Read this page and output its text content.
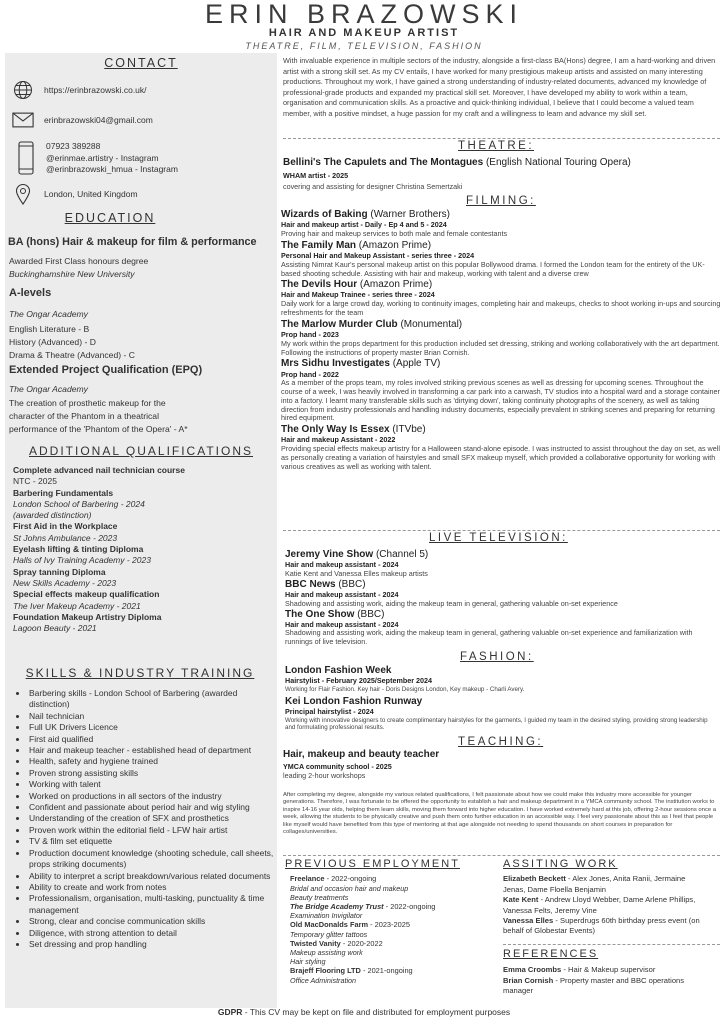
ERIN BRAZOWSKI
HAIR AND MAKEUP ARTIST
THEATRE, FILM, TELEVISION, FASHION
CONTACT
https://erinbrazowski.co.uk/
erinbrazowski04@gmail.com
07923 389288
@erinmae.artistry - Instagram
@erinbrazowski_hmua - Instagram
London, United Kingdom
EDUCATION
BA (hons) Hair & makeup for film & performance
Awarded First Class honours degree
Buckinghamshire New University
A-levels
The Ongar Academy
English Literature - B
History (Advanced) - D
Drama & Theatre (Advanced) - C
Extended Project Qualification (EPQ)
The Ongar Academy
The creation of prosthetic makeup for the
character of the Phantom in a theatrical
performance of the 'Phantom of the Opera' - A*
ADDITIONAL QUALIFICATIONS
Complete advanced nail technician course
NTC - 2025
Barbering Fundamentals
London School of Barbering - 2024
(awarded distinction)
First Aid in the Workplace
St Johns Ambulance - 2023
Eyelash lifting & tinting Diploma
Halls of Ivy Training Academy - 2023
Spray tanning Diploma
New Skills Academy - 2023
Special effects makeup qualification
The Iver Makeup Academy - 2021
Foundation Makeup Artistry Diploma
Lagoon Beauty - 2021
SKILLS & INDUSTRY TRAINING
• Barbering skills - London School of Barbering (awarded distinction)
• Nail technician
• Full UK Drivers Licence
• First aid qualified
• Hair and makeup teacher - established head of department
• Health, safety and hygiene trained
• Proven strong assisting skills
• Working with talent
• Worked on productions in all sectors of the industry
• Confident and passionate about period hair and wig styling
• Understanding of the creation of SFX and prosthetics
• Proven work within the editorial field - LFW hair artist
• TV & film set etiquette
• Production document knowledge (shooting schedule, call sheets, props striking documents)
• Ability to interpret a script breakdown/various related documents
• Ability to create and work from notes
• Professionalism, organisation, multi-tasking, punctuality & time management
• Strong, clear and concise communication skills
• Diligence, with strong attention to detail
• Set dressing and prop handling
With invaluable experience in multiple sectors of the industry, alongside a first-class BA(Hons) degree, I am a hard-working and driven artist with a strong skill set. As my CV entails, I have worked for many prestigious makeup artists and assisted on many interesting productions. Throughout my work, I have gained a strong understanding of industry-related documents, advanced my knowledge of professional-grade products and expanded my practical skill set. Moreover, I have developed my ability to work within a team, organisation and communication skills. As a proactive and quick-thinking individual, I believe that I could become a valued team member, with a positive mindset, a huge passion for my craft and a willingness to learn and advance my skill set.
THEATRE:
Bellini's The Capulets and The Montagues (English National Touring Opera)
WHAM artist - 2025
covering and assisting for designer Christina Semertzaki
FILMING:
Wizards of Baking (Warner Brothers)
Hair and makeup artist - Daily - Ep 4 and 5 - 2024
Proving hair and makeup services to both male and female contestants
The Family Man (Amazon Prime)
Personal Hair and Makeup Assistant - series three - 2024
Assisting Nimrat Kaur's personal makeup artist on this popular Bollywood drama. I formed the London team for the entirety of the UK-based shooting schedule. Assisting with hair and makeup, working with talent and a diverse crew
The Devils Hour (Amazon Prime)
Hair and Makeup Trainee - series three - 2024
Daily work for a large crowd day, working to continuity images, completing hair and makeups, checks to shoot working in-ups and sourcing refreshments for the team
The Marlow Murder Club (Monumental)
Prop hand - 2023
My work within the props department for this production included set dressing, striking and working collaboratively with the art department. Following the instructions of property master Brian Cornish.
Mrs Sidhu Investigates (Apple TV)
Prop hand - 2022
As a member of the props team, my roles involved striking previous scenes as well as dressing for upcoming scenes. Throughout the course of a week, I was heavily involved in transforming a car park into a carwash, TV studios into a hospital ward and a storage container into a factory. I learnt many transferable skills such as 'dirtying down', taking continuity photographs of the scenery, as well as taking direction from industry professionals and handling industry documents, especially prevalent in striking scenes and preparing for returning hired equipment.
The Only Way Is Essex (ITVbe)
Hair and makeup Assistant - 2022
Providing special effects makeup artistry for a Halloween stand-alone episode. I was instructed to assist throughout the day on set, as well as personally creating a variation of hairstyles and small SFX makeup myself, which provided a collaborative opportunity for working with various creatives as well as working with talent.
LIVE TELEVISION:
Jeremy Vine Show (Channel 5)
Hair and makeup assistant - 2024
Katie Kent and Vanessa Elles makeup artists
BBC News (BBC)
Hair and makeup assistant - 2024
Shadowing and assisting work, aiding the makeup team in general, gathering valuable on-set experience
The One Show (BBC)
Hair and makeup assistant - 2024
Shadowing and assisting work, aiding the makeup team in general, gathering valuable on-set experience and familiarization with runnings of live television.
FASHION:
London Fashion Week
Hairstylist - February 2025/September 2024
Working for Flair Fashion. Key hair - Doris Designs London, Key makeup - Charli Avery.
Kei London Fashion Runway
Principal hairstylist - 2024
Working with innovative designers to create complimentary hairstyles for the garments, I guided my team in the desired styling, providing strong leadership and formulating professional results.
TEACHING:
Hair, makeup and beauty teacher
YMCA community school - 2025
leading 2-hour workshops
After completing my degree, alongside my various related qualifications, I felt passionate about how we could make this industry more accessible for younger generations. Therefore, I was fortunate to be offered the opportunity to establish a hair and makeup department in a YMCA community school. The institution works to inspire 14-16 year olds, helping them learn skills, moving them forward into higher education. I have worked extremely hard at this job, offering 2-hour sessions once a week, allowing the students to be physically creative and push them onto further education in an accessible way. I feel very passionate about this as I feel that people like myself would have benefited from this type of mentoring at that age alongside not needing to spend thousands on short courses in preparation for collages/universities.
PREVIOUS EMPLOYMENT
Freelance - 2022-ongoing
Bridal and occasion hair and makeup
Beauty treatments
The Bridge Academy Trust - 2022-ongoing
Examination Invigilator
Old MacDonalds Farm - 2023-2025
Temporary glitter tattoos
Twisted Vanity - 2020-2022
Makeup assisting work
Hair styling
Brajeff Flooring LTD - 2021-ongoing
Office Administration
ASSITING WORK
Elizabeth Beckett - Alex Jones, Anita Ranii, Jermaine
Jenas, Dame Floella Benjamin
Kate Kent - Andrew Lloyd Webber, Dame Arlene Phillips,
Vanessa Felts, Jeremy Vine
Vanessa Elles - Superdrugs 60th birthday press event (on
behalf of Globestar Events)
REFERENCES
Emma Croombs - Hair & Makeup supervisor
Brian Cornish - Property master and BBC operations
manager
GDPR - This CV may be kept on file and distributed for employment purposes
